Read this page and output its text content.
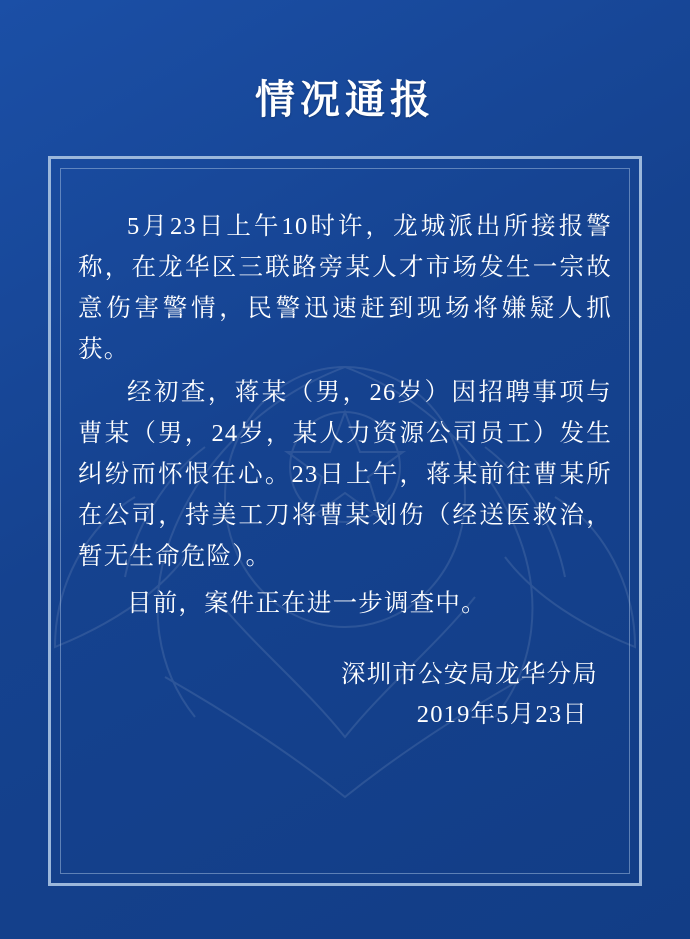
情况通报

5月23日上午10时许，龙城派出所接报警称，在龙华区三联路旁某人才市场发生一宗故意伤害警情，民警迅速赶到现场将嫌疑人抓获。

经初查，蒋某（男，26岁）因招聘事项与曹某（男，24岁，某人力资源公司员工）发生纠纷而怀恨在心。23日上午，蒋某前往曹某所在公司，持美工刀将曹某划伤（经送医救治，暂无生命危险）。

目前，案件正在进一步调查中。

深圳市公安局龙华分局
2019年5月23日
